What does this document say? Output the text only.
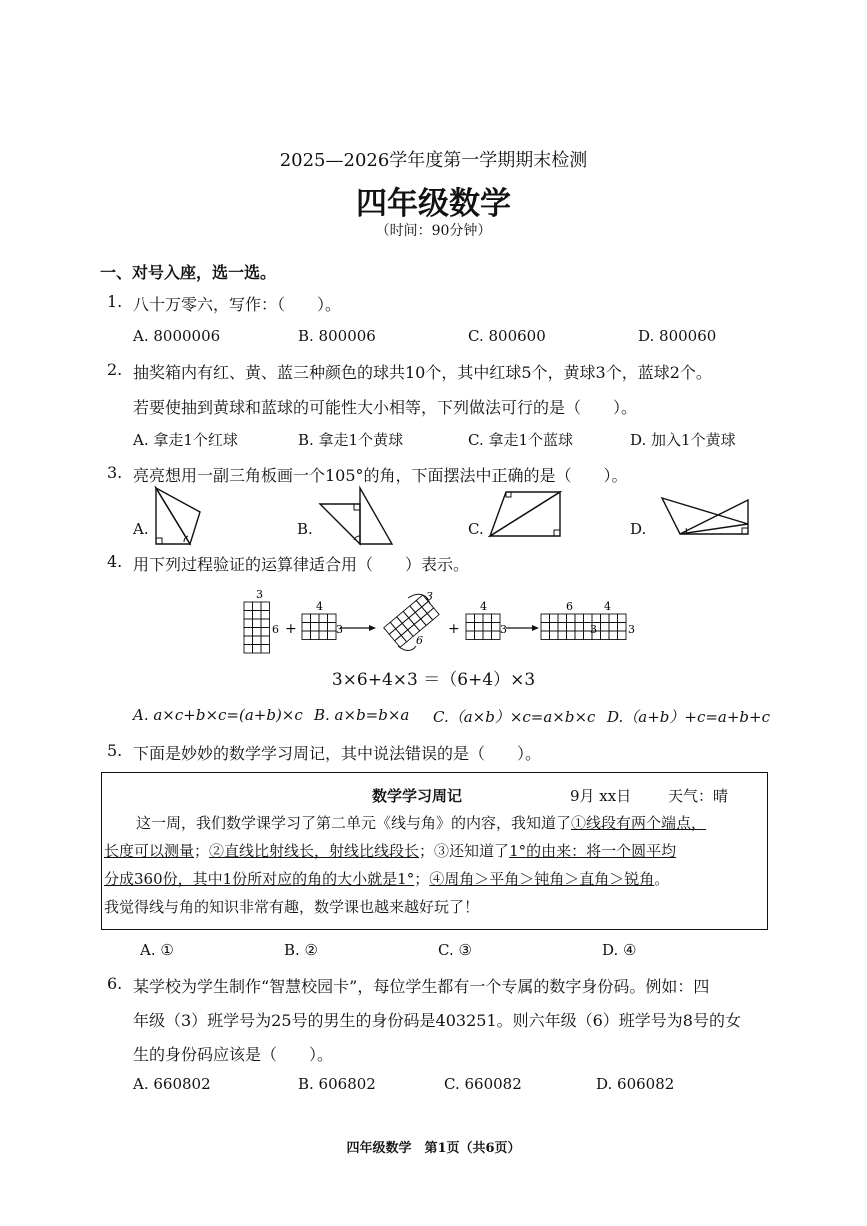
2025—2026学年度第一学期期末检测
四年级数学
（时间：90分钟）
一、对号入座，选一选。
1. 八十万零六，写作：（　　）。
A. 8000006	B. 800006	C. 800600	D. 800060
2. 抽奖箱内有红、黄、蓝三种颜色的球共10个，其中红球5个，黄球3个，蓝球2个。
若要使抽到黄球和蓝球的可能性大小相等，下列做法可行的是（　　）。
A. 拿走1个红球	B. 拿走1个黄球	C. 拿走1个蓝球	D. 加入1个黄球
3. 亮亮想用一副三角板画一个105°的角，下面摆法中正确的是（　　）。
A.	B.	C.	D.
4. 用下列过程验证的运算律适合用（　　）表示。
3
6 +
4
3
3
6
+
4
3
6	4
3	3
3×6+4×3 ＝（6+4）×3
A. a×c+b×c=(a+b)×c B. a×b=b×a C.（a×b）×c=a×b×c D.（a+b）+c=a+b+c
5. 下面是妙妙的数学学习周记，其中说法错误的是（　　）。
数学学习周记	9月 xx日 天气：晴
这一周，我们数学课学习了第二单元《线与角》的内容，我知道了①线段有两个端点，
长度可以测量；②直线比射线长，射线比线段长；③还知道了1°的由来：将一个圆平均
分成360份，其中1份所对应的角的大小就是1°；④周角＞平角＞钝角＞直角＞锐角。
我觉得线与角的知识非常有趣，数学课也越来越好玩了！
A. ①	B. ②	C. ③	D. ④
6. 某学校为学生制作“智慧校园卡”，每位学生都有一个专属的数字身份码。例如：四
年级（3）班学号为25号的男生的身份码是403251。则六年级（6）班学号为8号的女
生的身份码应该是（　　）。
A. 660802	B. 606802	C. 660082	D. 606082
四年级数学　第1页（共6页）
